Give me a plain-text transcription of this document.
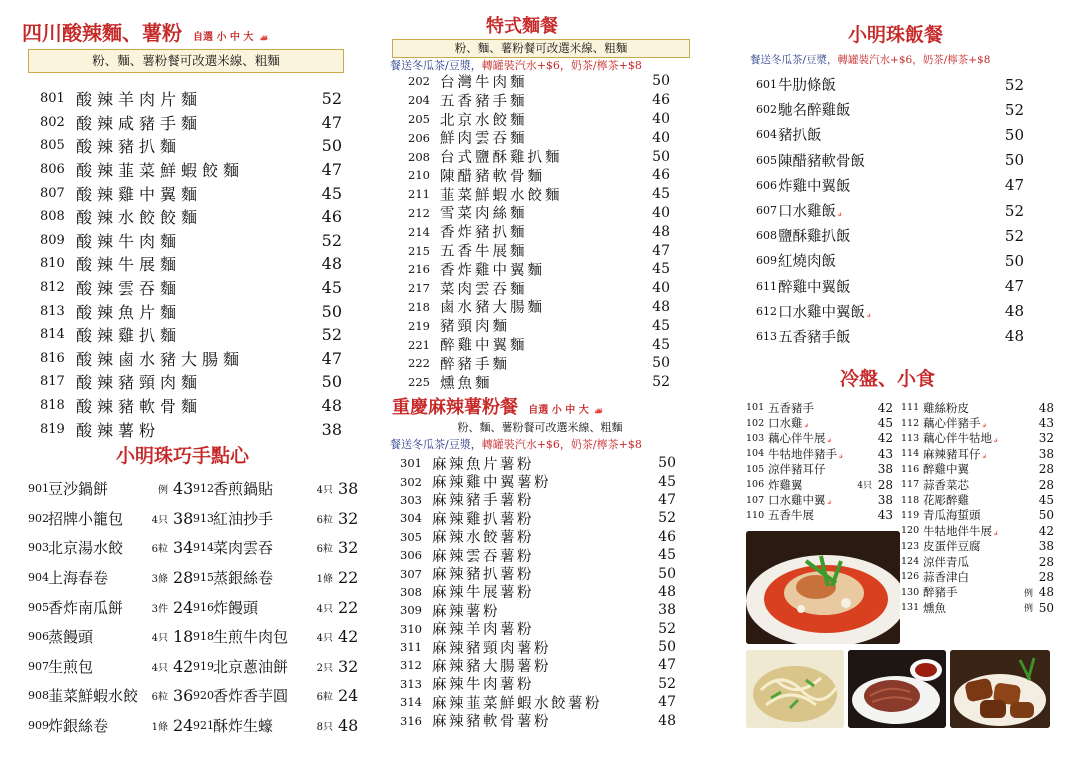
四川酸辣麵、薯粉 自選 小 中 大 𝓈𝓈𝓈
粉、麵、薯粉餐可改選米線、粗麵
801 酸辣羊肉片麵	52
802 酸辣咸豬手麵	47
805 酸辣豬扒麵	50
806 酸辣韮菜鮮蝦餃麵	47
807 酸辣雞中翼麵	45
808 酸辣水餃餃麵	46
809 酸辣牛肉麵	52
810 酸辣牛展麵	48
812 酸辣雲吞麵	45
813 酸辣魚片麵	50
814 酸辣雞扒麵	52
816 酸辣鹵水豬大腸麵	47
817 酸辣豬頸肉麵	50
818 酸辣豬軟骨麵	48
819 酸辣薯粉	38
小明珠巧手點心
901 豆沙鍋餅	例 43
902 招牌小籠包	4只 38
903 北京湯水餃	6粒 34
904 上海春卷	3條 28
905 香炸南瓜餅	3件 24
906 蒸饅頭	4只 18
907 生煎包	4只 42
908 韮菜鮮蝦水餃	6粒 36
909 炸銀絲卷	1條 24
912 香煎鍋貼	4只 38
913 紅油抄手	6粒 32
914 菜肉雲吞	6粒 32
915 蒸銀絲卷	1條 22
916 炸饅頭	4只 22
918 生煎牛肉包	4只 42
919 北京蔥油餅	2只 32
920 香炸香芋圓	6粒 24
921 酥炸生蠔	8只 48
特式麵餐
粉、麵、薯粉餐可改選米線、粗麵
餐送冬瓜茶/豆漿，轉罐裝汽水+$6，奶茶/檸茶+$8
202 台灣牛肉麵	50
204 五香豬手麵	46
205 北京水餃麵	40
206 鮮肉雲吞麵	40
208 台式鹽酥雞扒麵	50
210 陳醋豬軟骨麵	46
211 韮菜鮮蝦水餃麵	45
212 雪菜肉絲麵	40
214 香炸豬扒麵	48
215 五香牛展麵	47
216 香炸雞中翼麵	45
217 菜肉雲吞麵	40
218 鹵水豬大腸麵	48
219 豬頸肉麵	45
221 醉雞中翼麵	45
222 醉豬手麵	50
225 燻魚麵	52
重慶麻辣薯粉餐 自選 小 中 大 𝓈𝓈𝓈
粉、麵、薯粉餐可改選米線、粗麵
餐送冬瓜茶/豆漿，轉罐裝汽水+$6，奶茶/檸茶+$8
301 麻辣魚片薯粉	50
302 麻辣雞中翼薯粉	45
303 麻辣豬手薯粉	47
304 麻辣雞扒薯粉	52
305 麻辣水餃薯粉	46
306 麻辣雲吞薯粉	45
307 麻辣豬扒薯粉	50
308 麻辣牛展薯粉	48
309 麻辣薯粉	38
310 麻辣羊肉薯粉	52
311 麻辣豬頸肉薯粉	50
312 麻辣豬大腸薯粉	47
313 麻辣牛肉薯粉	52
314 麻辣韮菜鮮蝦水餃薯粉	47
316 麻辣豬軟骨薯粉	48
小明珠飯餐
餐送冬瓜茶/豆漿，轉罐裝汽水+$6，奶茶/檸茶+$8
601 牛肋條飯	52
602 馳名醉雞飯	52
604 豬扒飯	50
605 陳醋豬軟骨飯	50
606 炸雞中翼飯	47
607 口水雞飯 𝓈	52
608 鹽酥雞扒飯	52
609 紅燒肉飯	50
611 醉雞中翼飯	47
612 口水雞中翼飯 𝓈	48
613 五香豬手飯	48
冷盤、小食
101 五香豬手	42
102 口水雞 𝓈	45
103 藕心伴牛展 𝓈	42
104 牛牯地伴豬手 𝓈	43
105 涼伴豬耳仔	38
106 炸雞翼	4只 28
107 口水雞中翼 𝓈	38
110 五香牛展	43
111 雞絲粉皮	48
112 藕心伴豬手 𝓈	43
113 藕心伴牛牯地 𝓈	32
114 麻辣豬耳仔 𝓈	38
116 醉雞中翼	28
117 蒜香菜芯	28
118 花彫醉雞	45
119 青瓜海蜇頭	50
120 牛牯地伴牛展 𝓈	42
123 皮蛋伴豆腐	38
124 涼伴青瓜	28
126 蒜香津白	28
130 醉豬手	例 48
131 燻魚	例 50
